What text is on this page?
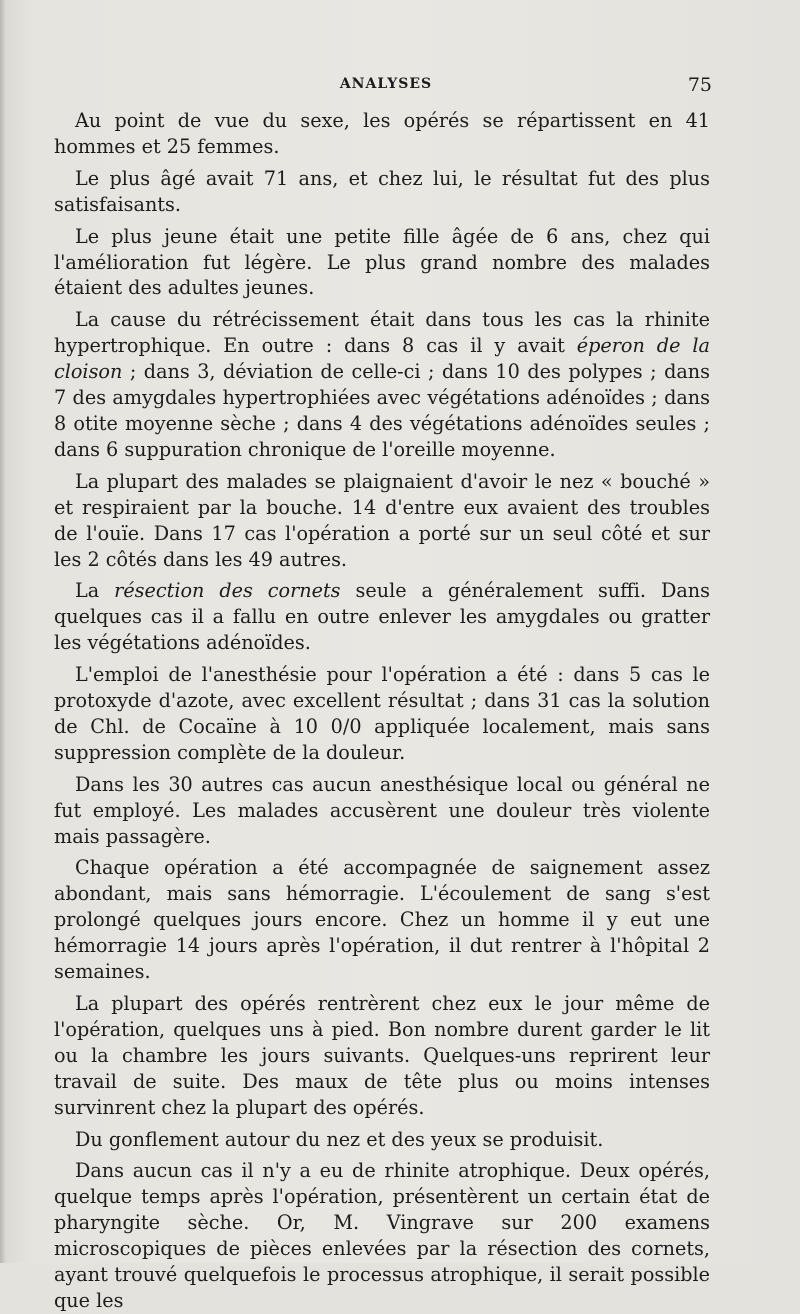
ANALYSES	75

Au point de vue du sexe, les opérés se répartissent en 41 hommes et 25 femmes.

Le plus âgé avait 71 ans, et chez lui, le résultat fut des plus satisfaisants.

Le plus jeune était une petite fille âgée de 6 ans, chez qui l'amélioration fut légère. Le plus grand nombre des malades étaient des adultes jeunes.

La cause du rétrécissement était dans tous les cas la rhinite hypertrophique. En outre : dans 8 cas il y avait éperon de la cloison ; dans 3, déviation de celle-ci ; dans 10 des polypes ; dans 7 des amygdales hypertrophiées avec végétations adénoïdes ; dans 8 otite moyenne sèche ; dans 4 des végétations adénoïdes seules ; dans 6 suppuration chronique de l'oreille moyenne.

La plupart des malades se plaignaient d'avoir le nez « bouché » et respiraient par la bouche. 14 d'entre eux avaient des troubles de l'ouïe. Dans 17 cas l'opération a porté sur un seul côté et sur les 2 côtés dans les 49 autres.

La résection des cornets seule a généralement suffi. Dans quelques cas il a fallu en outre enlever les amygdales ou gratter les végétations adénoïdes.

L'emploi de l'anesthésie pour l'opération a été : dans 5 cas le protoxyde d'azote, avec excellent résultat ; dans 31 cas la solution de Chl. de Cocaïne à 10 0/0 appliquée localement, mais sans suppression complète de la douleur.

Dans les 30 autres cas aucun anesthésique local ou général ne fut employé. Les malades accusèrent une douleur très violente mais passagère.

Chaque opération a été accompagnée de saignement assez abondant, mais sans hémorragie. L'écoulement de sang s'est prolongé quelques jours encore. Chez un homme il y eut une hémorragie 14 jours après l'opération, il dut rentrer à l'hôpital 2 semaines.

La plupart des opérés rentrèrent chez eux le jour même de l'opération, quelques uns à pied. Bon nombre durent garder le lit ou la chambre les jours suivants. Quelques-uns reprirent leur travail de suite. Des maux de tête plus ou moins intenses survinrent chez la plupart des opérés.

Du gonflement autour du nez et des yeux se produisit.

Dans aucun cas il n'y a eu de rhinite atrophique. Deux opérés, quelque temps après l'opération, présentèrent un certain état de pharyngite sèche. Or, M. Vingrave sur 200 examens microscopiques de pièces enlevées par la résection des cornets, ayant trouvé quelquefois le processus atrophique, il serait possible que les
